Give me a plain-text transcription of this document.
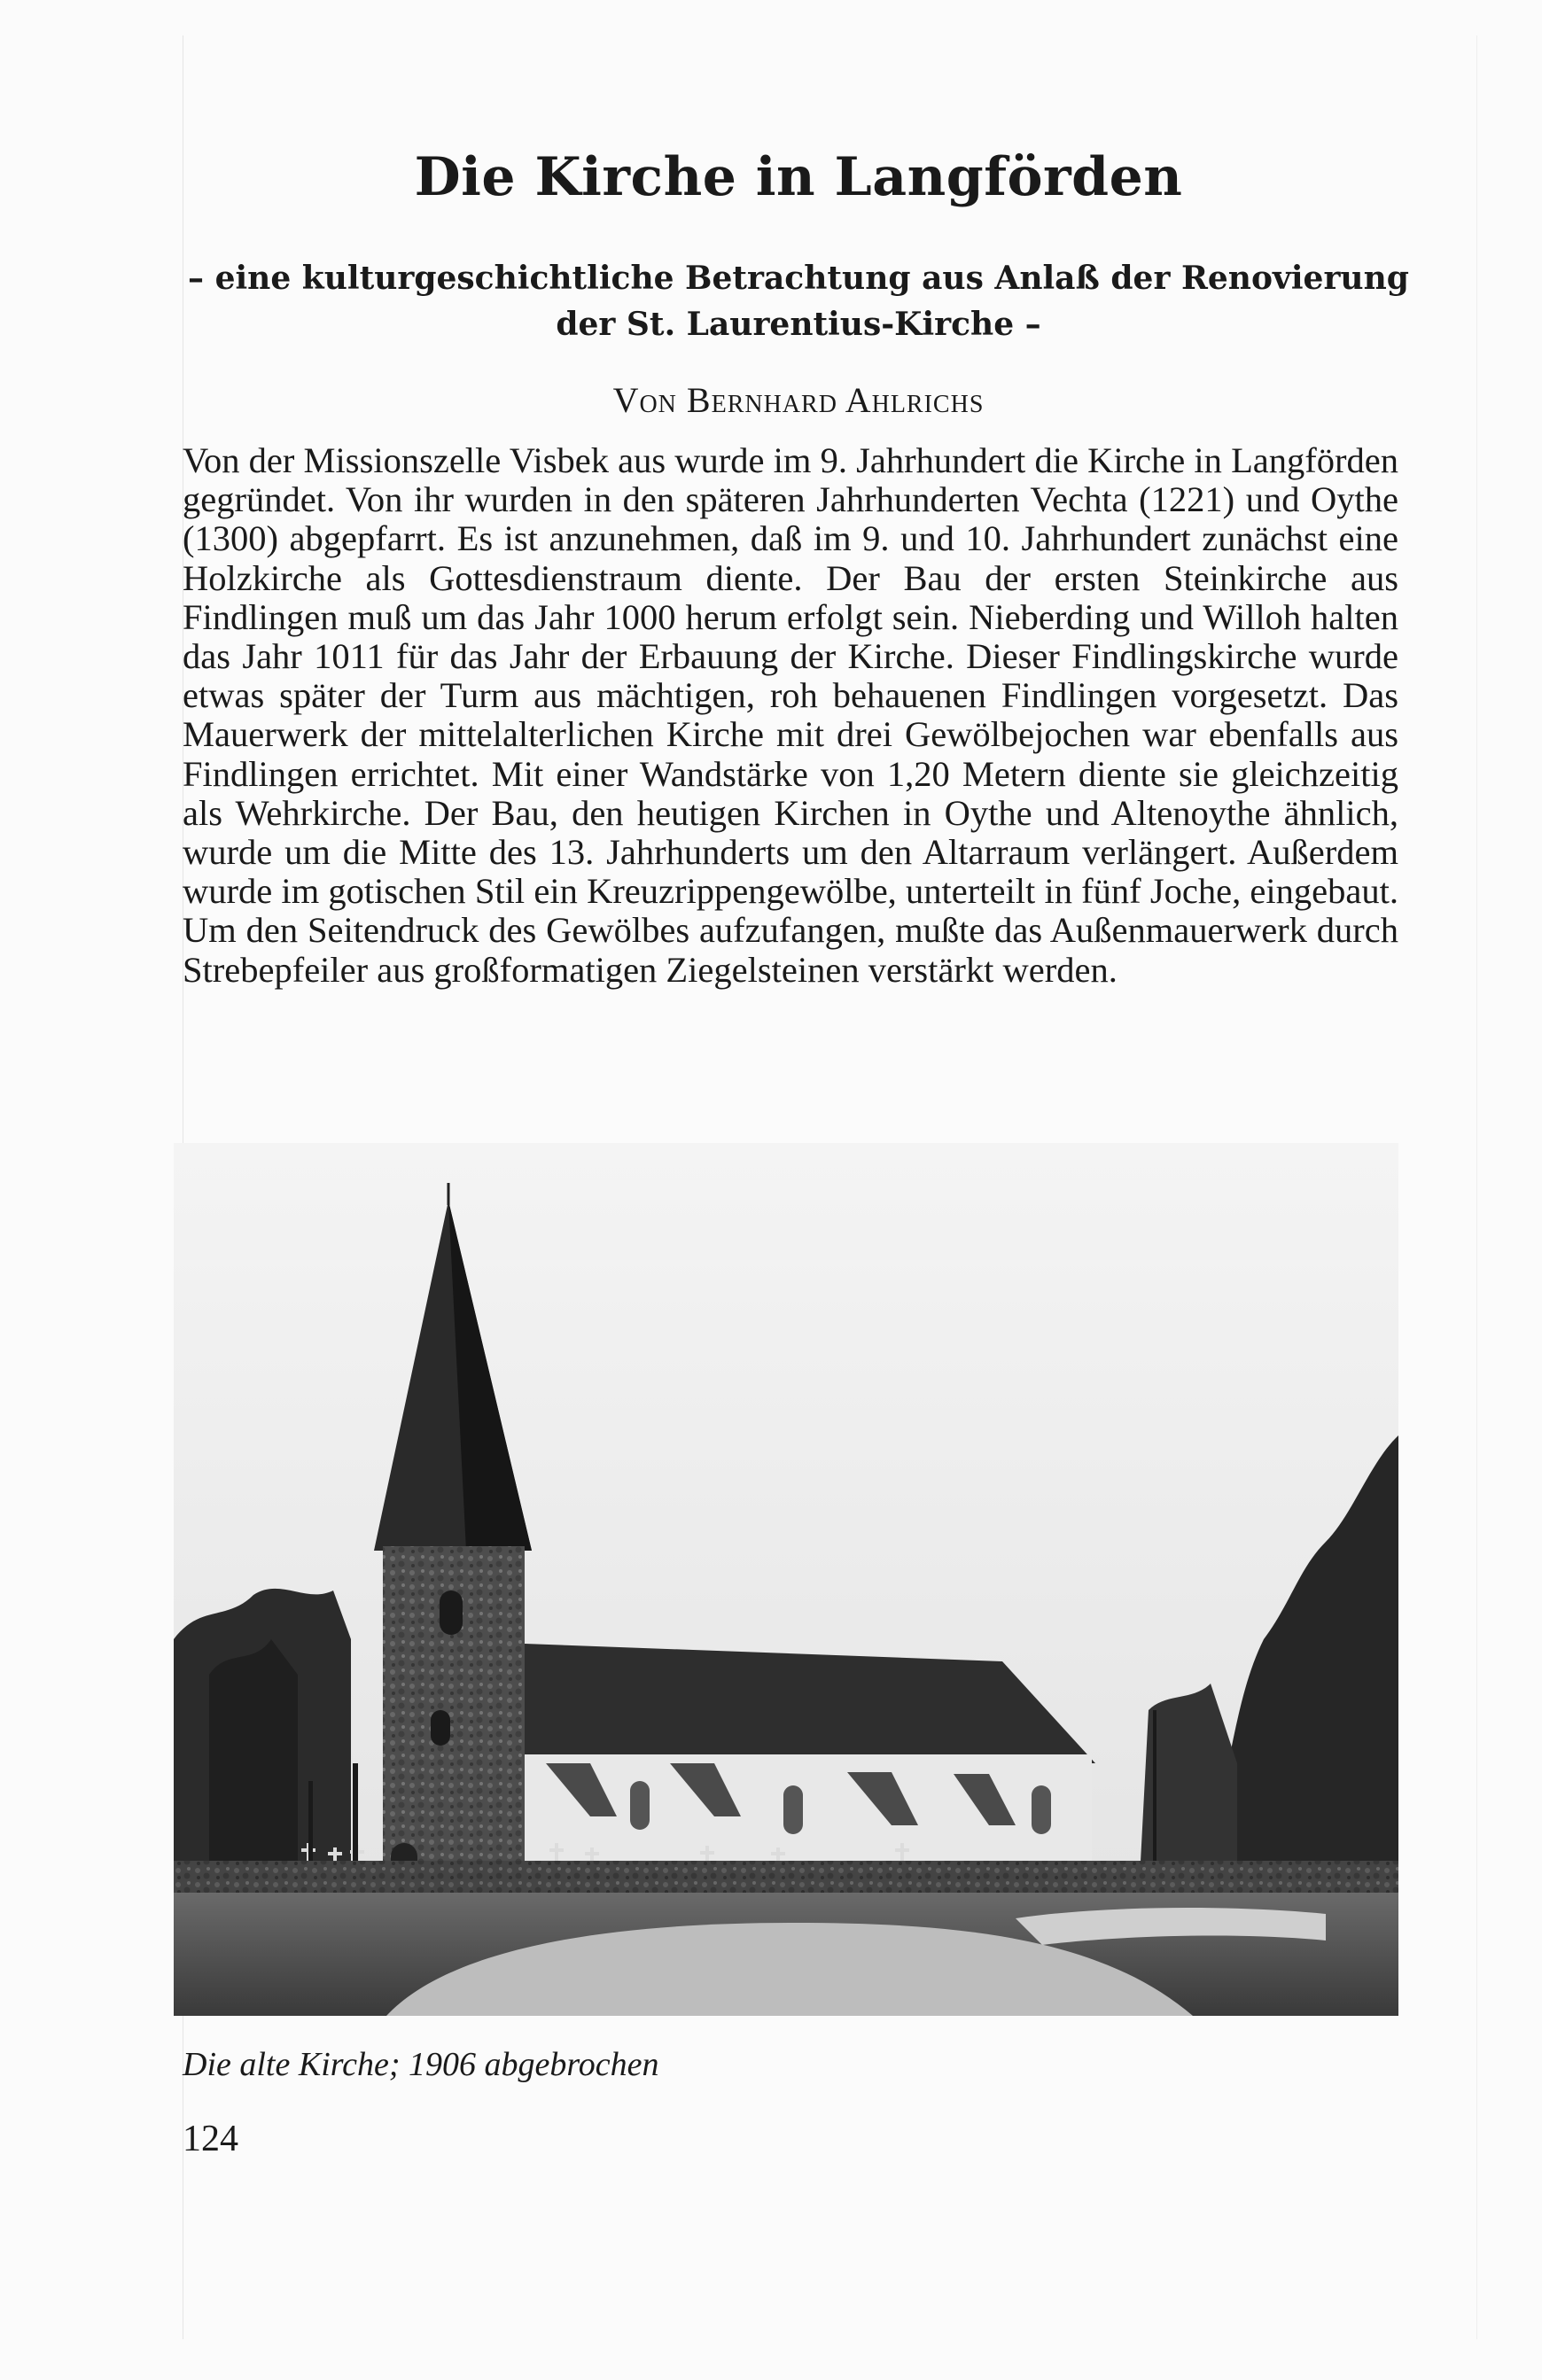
Die Kirche in Langförden
– eine kulturgeschichtliche Betrachtung aus Anlaß der Renovierung
der St. Laurentius-Kirche –

Von Bernhard Ahlrichs

Von der Missionszelle Visbek aus wurde im 9. Jahrhundert die Kirche in Langförden gegründet. Von ihr wurden in den späteren Jahrhunderten Vechta (1221) und Oythe (1300) abgepfarrt. Es ist anzunehmen, daß im 9. und 10. Jahrhundert zunächst eine Holzkirche als Gottesdienstraum diente. Der Bau der ersten Steinkirche aus Findlingen muß um das Jahr 1000 herum erfolgt sein. Nieberding und Willoh halten das Jahr 1011 für das Jahr der Erbauung der Kirche. Dieser Findlingskirche wurde etwas später der Turm aus mächtigen, roh behauenen Findlingen vorgesetzt. Das Mauerwerk der mittelalterlichen Kirche mit drei Gewölbejochen war ebenfalls aus Findlingen errichtet. Mit einer Wandstärke von 1,20 Metern diente sie gleichzeitig als Wehrkirche. Der Bau, den heutigen Kirchen in Oythe und Altenoythe ähnlich, wurde um die Mitte des 13. Jahrhunderts um den Altarraum verlängert. Außerdem wurde im gotischen Stil ein Kreuzrippengewölbe, unterteilt in fünf Joche, eingebaut. Um den Seitendruck des Gewölbes aufzufangen, mußte das Außenmauerwerk durch Strebepfeiler aus großformatigen Ziegelsteinen verstärkt werden.

Die alte Kirche; 1906 abgebrochen

124
